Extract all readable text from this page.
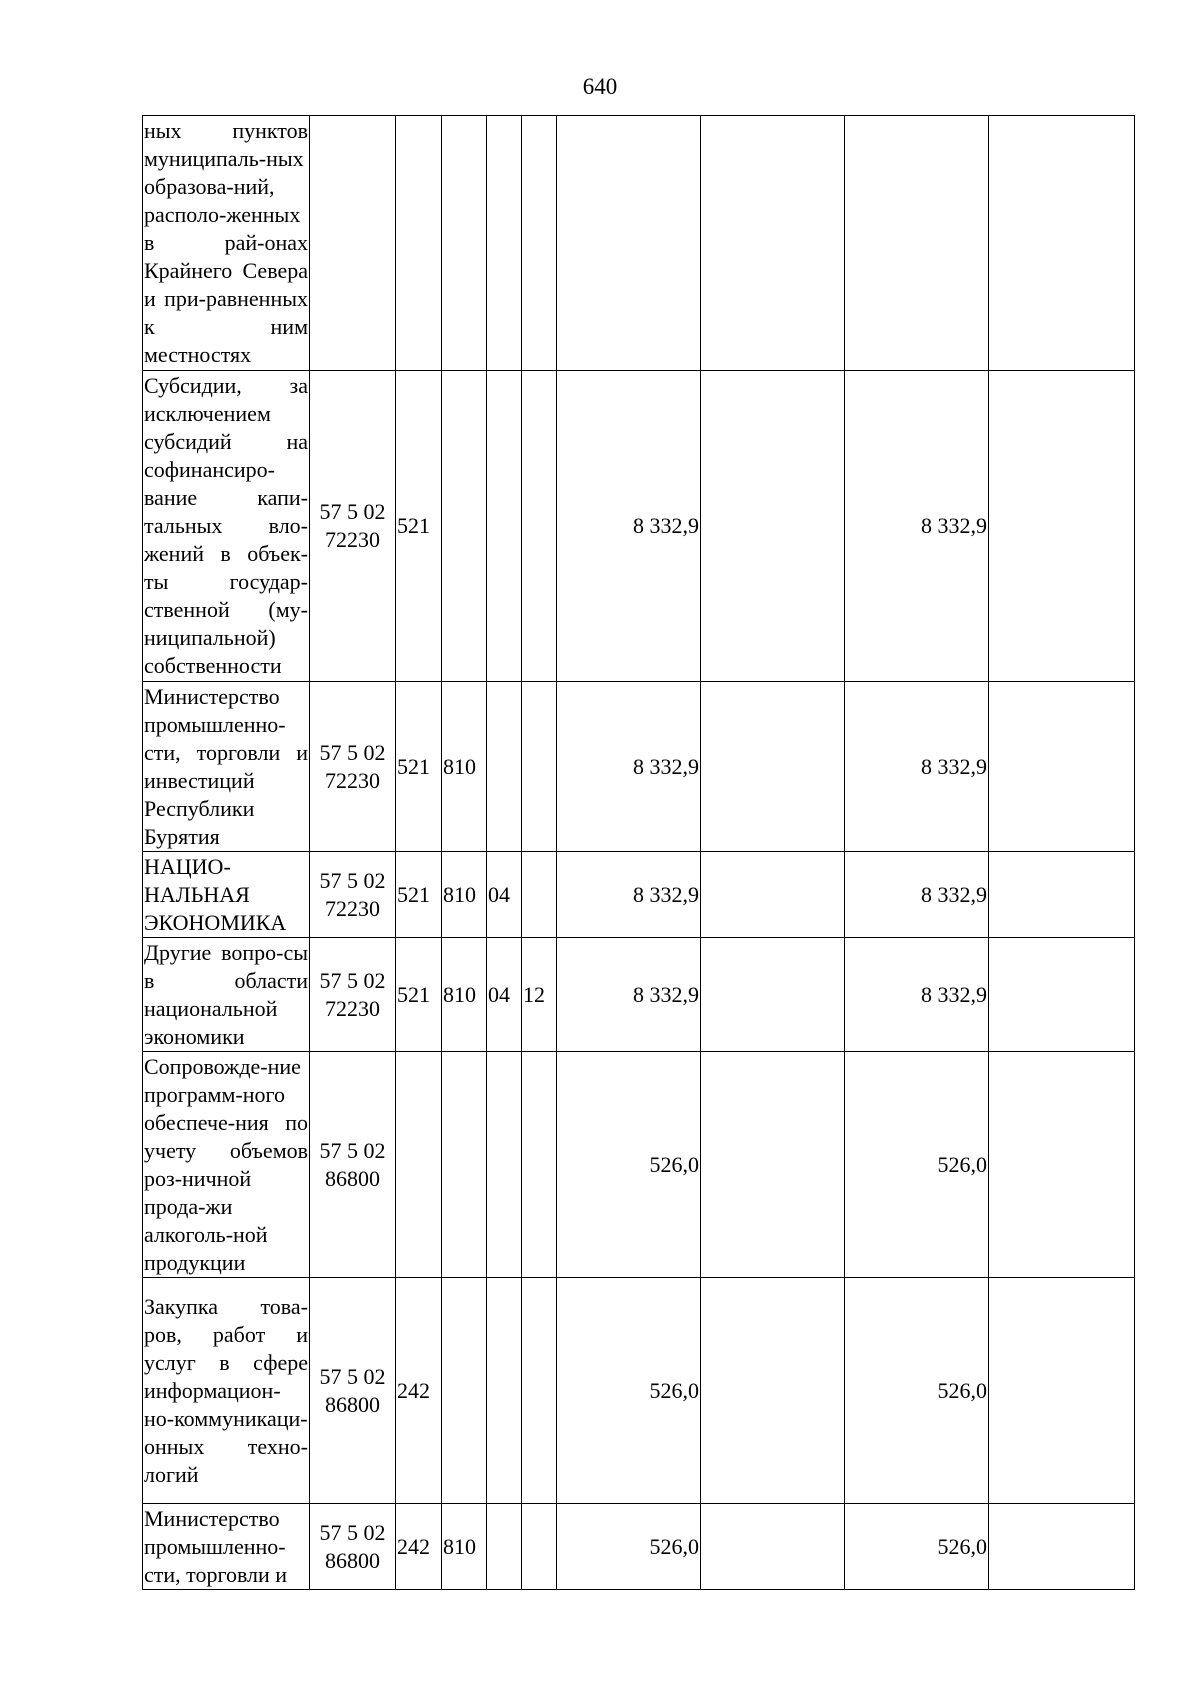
640
ных пунктов муниципаль-ных образова-ний, располо-женных в рай-онах Крайнего Севера и при-равненных к ним местностях									

Субсидии, за исключением субсидий на софинансиро-вание капи-тальных вло-жений в объек-ты государ-ственной (му-ниципальной) собственности	57 5 02 72230	521				8 332,9		8 332,9	

Министерство промышленно-сти, торговли и инвестиций Республики Бурятия	57 5 02 72230	521	810			8 332,9		8 332,9	

НАЦИО-НАЛЬНАЯ ЭКОНОМИКА	57 5 02 72230	521	810	04		8 332,9		8 332,9	

Другие вопро-сы в области национальной экономики	57 5 02 72230	521	810	04	12	8 332,9		8 332,9	

Сопровожде-ние программ-ного обеспече-ния по учету объемов роз-ничной прода-жи алкоголь-ной продукции	57 5 02 86800					526,0		526,0	

Закупка това-ров, работ и услуг в сфере информацион-но-коммуникаци-онных техно-логий	57 5 02 86800	242				526,0		526,0	

Министерство промышленно-сти, торговли и	57 5 02 86800	242	810			526,0		526,0	
